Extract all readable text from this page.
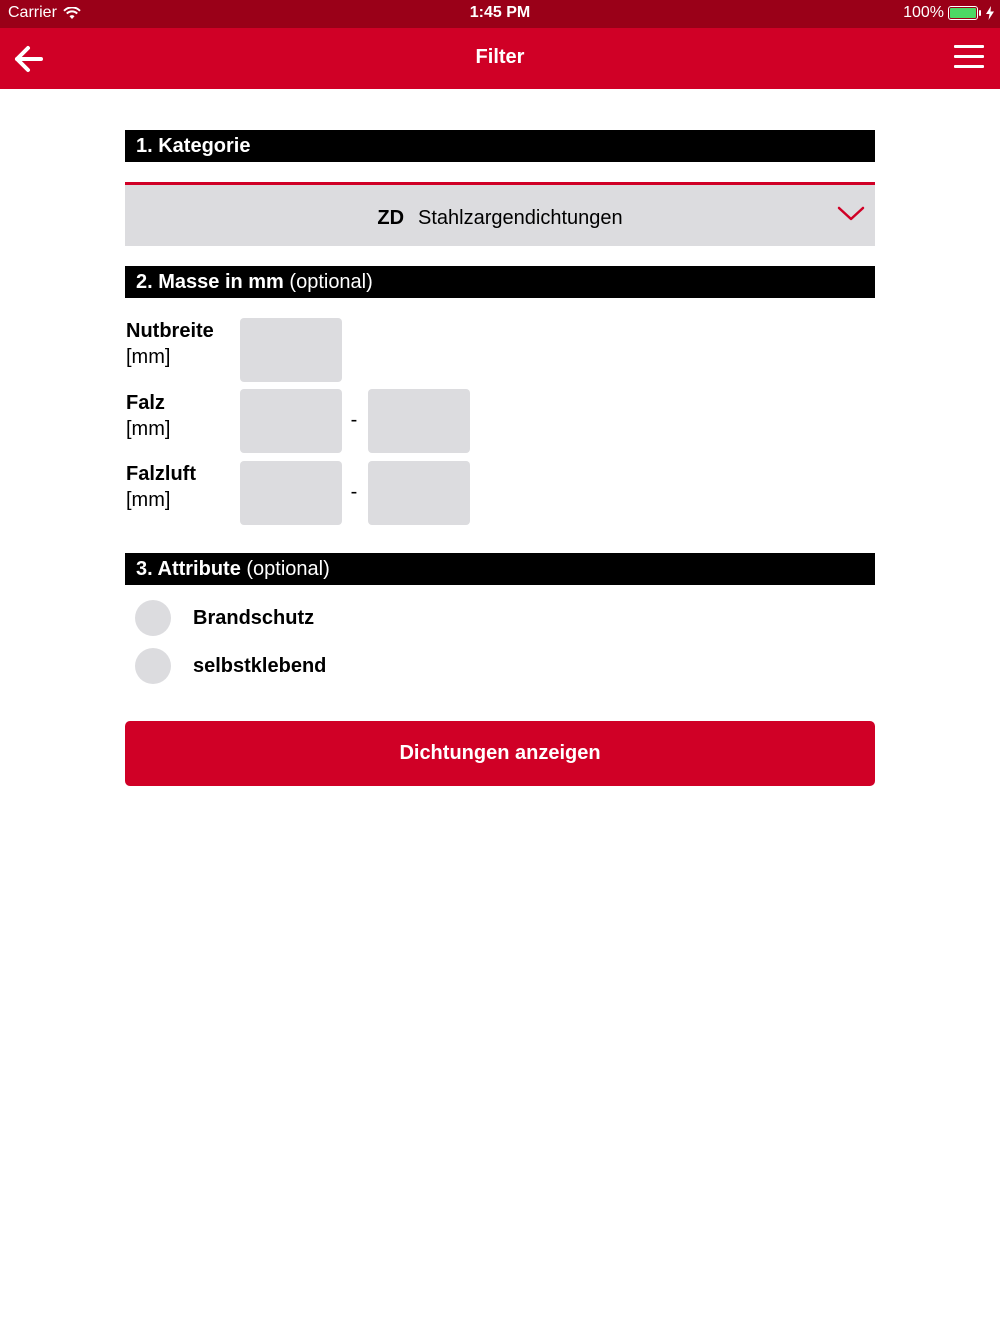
Carrier	1:45 PM	100%
Filter
1. Kategorie
ZD Stahlzargendichtungen
2. Masse in mm (optional)
Nutbreite
[mm]
Falz
[mm]	-
Falzluft
[mm]	-
3. Attribute (optional)
Brandschutz
selbstklebend
Dichtungen anzeigen
